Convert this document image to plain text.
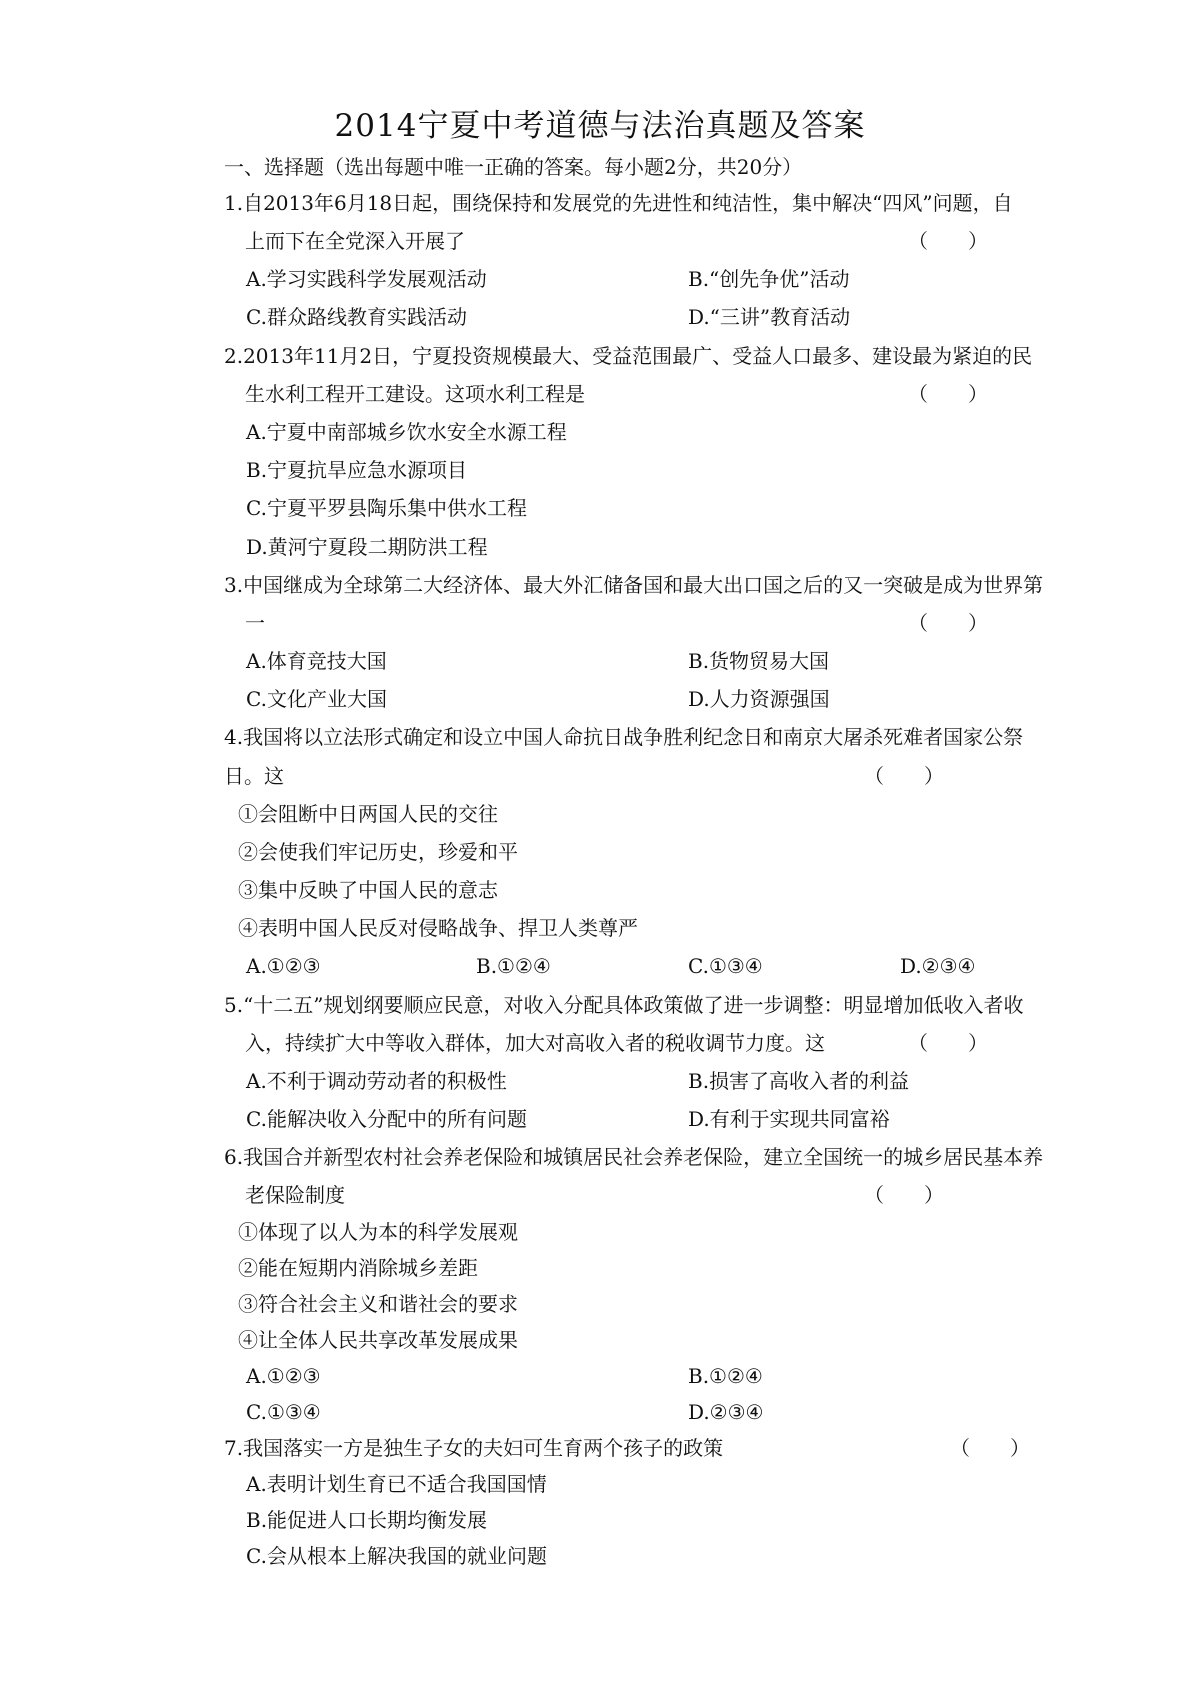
2014宁夏中考道德与法治真题及答案
一、选择题（选出每题中唯一正确的答案。每小题2分，共20分）
1.自2013年6月18日起，围绕保持和发展党的先进性和纯洁性，集中解决“四风”问题，自
上而下在全党深入开展了	（　　）
A.学习实践科学发展观活动	B.“创先争优”活动
C.群众路线教育实践活动	D.“三讲”教育活动
2.2013年11月2日，宁夏投资规模最大、受益范围最广、受益人口最多、建设最为紧迫的民
生水利工程开工建设。这项水利工程是	（　　）
A.宁夏中南部城乡饮水安全水源工程
B.宁夏抗旱应急水源项目
C.宁夏平罗县陶乐集中供水工程
D.黄河宁夏段二期防洪工程
3.中国继成为全球第二大经济体、最大外汇储备国和最大出口国之后的又一突破是成为世界第
一	（　　）
A.体育竞技大国	B.货物贸易大国
C.文化产业大国	D.人力资源强国
4.我国将以立法形式确定和设立中国人命抗日战争胜利纪念日和南京大屠杀死难者国家公祭
日。这	（　　）
①会阻断中日两国人民的交往
②会使我们牢记历史，珍爱和平
③集中反映了中国人民的意志
④表明中国人民反对侵略战争、捍卫人类尊严
A.①②③	B.①②④	C.①③④	D.②③④
5.“十二五”规划纲要顺应民意，对收入分配具体政策做了进一步调整：明显增加低收入者收
入，持续扩大中等收入群体，加大对高收入者的税收调节力度。这	（　　）
A.不利于调动劳动者的积极性	B.损害了高收入者的利益
C.能解决收入分配中的所有问题	D.有利于实现共同富裕
6.我国合并新型农村社会养老保险和城镇居民社会养老保险，建立全国统一的城乡居民基本养
老保险制度	（　　）
①体现了以人为本的科学发展观
②能在短期内消除城乡差距
③符合社会主义和谐社会的要求
④让全体人民共享改革发展成果
A.①②③	B.①②④
C.①③④	D.②③④
7.我国落实一方是独生子女的夫妇可生育两个孩子的政策	（　　）
A.表明计划生育已不适合我国国情
B.能促进人口长期均衡发展
C.会从根本上解决我国的就业问题
